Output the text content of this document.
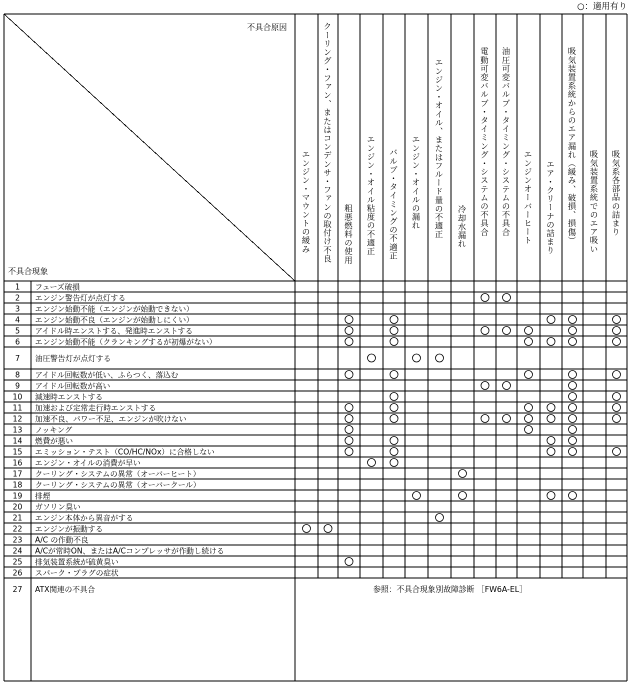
○：適用有り
不具合原因
不具合現象
エンジン・マウントの緩み クーリング・ファン、またはコンデンサ・ファンの取付け不良 粗悪燃料の使用 エンジン・オイル粘度の不適正 バルブ・タイミングの不適正 エンジン・オイルの漏れ エンジン・オイル、またはフルード量の不適正 冷却水漏れ 電動可変バルブ・タイミング・システムの不具合 油圧可変バルブ・タイミング・システムの不具合 エンジンオーバーヒート エア・クリーナの詰まり 吸気装置系統からのエア漏れ（緩み、破損、損傷） 吸気装置系統でのエア吸い 吸気系各部品の詰まり
1 フューズ破損
2 エンジン警告灯が点灯する
3 エンジン始動不能（エンジンが始動できない）
4 エンジン始動不良（エンジンが始動しにくい）
5 アイドル時エンストする、発進時エンストする
6 エンジン始動不能（クランキングするが初爆がない）
7 油圧警告灯が点灯する
8 アイドル回転数が低い、ふらつく、落込む
9 アイドル回転数が高い
10 減速時エンストする
11 加速および定常走行時エンストする
12 加速不良、パワー不足、エンジンが吹けない
13 ノッキング
14 燃費が悪い
15 エミッション・テスト（CO/HC/NOx）に合格しない
16 エンジン・オイルの消費が早い
17 クーリング・システムの異常（オーバーヒート）
18 クーリング・システムの異常（オーバークール）
19 排煙
20 ガソリン臭い
21 エンジン本体から異音がする
22 エンジンが振動する
23 A/C の作動不良
24 A/Cが常時ON、またはA/Cコンプレッサが作動し続ける
25 排気装置系統が硫黄臭い
26 スパーク・プラグの症状
27 ATX関連の不具合	参照：不具合現象別故障診断 ［FW6A-EL］
